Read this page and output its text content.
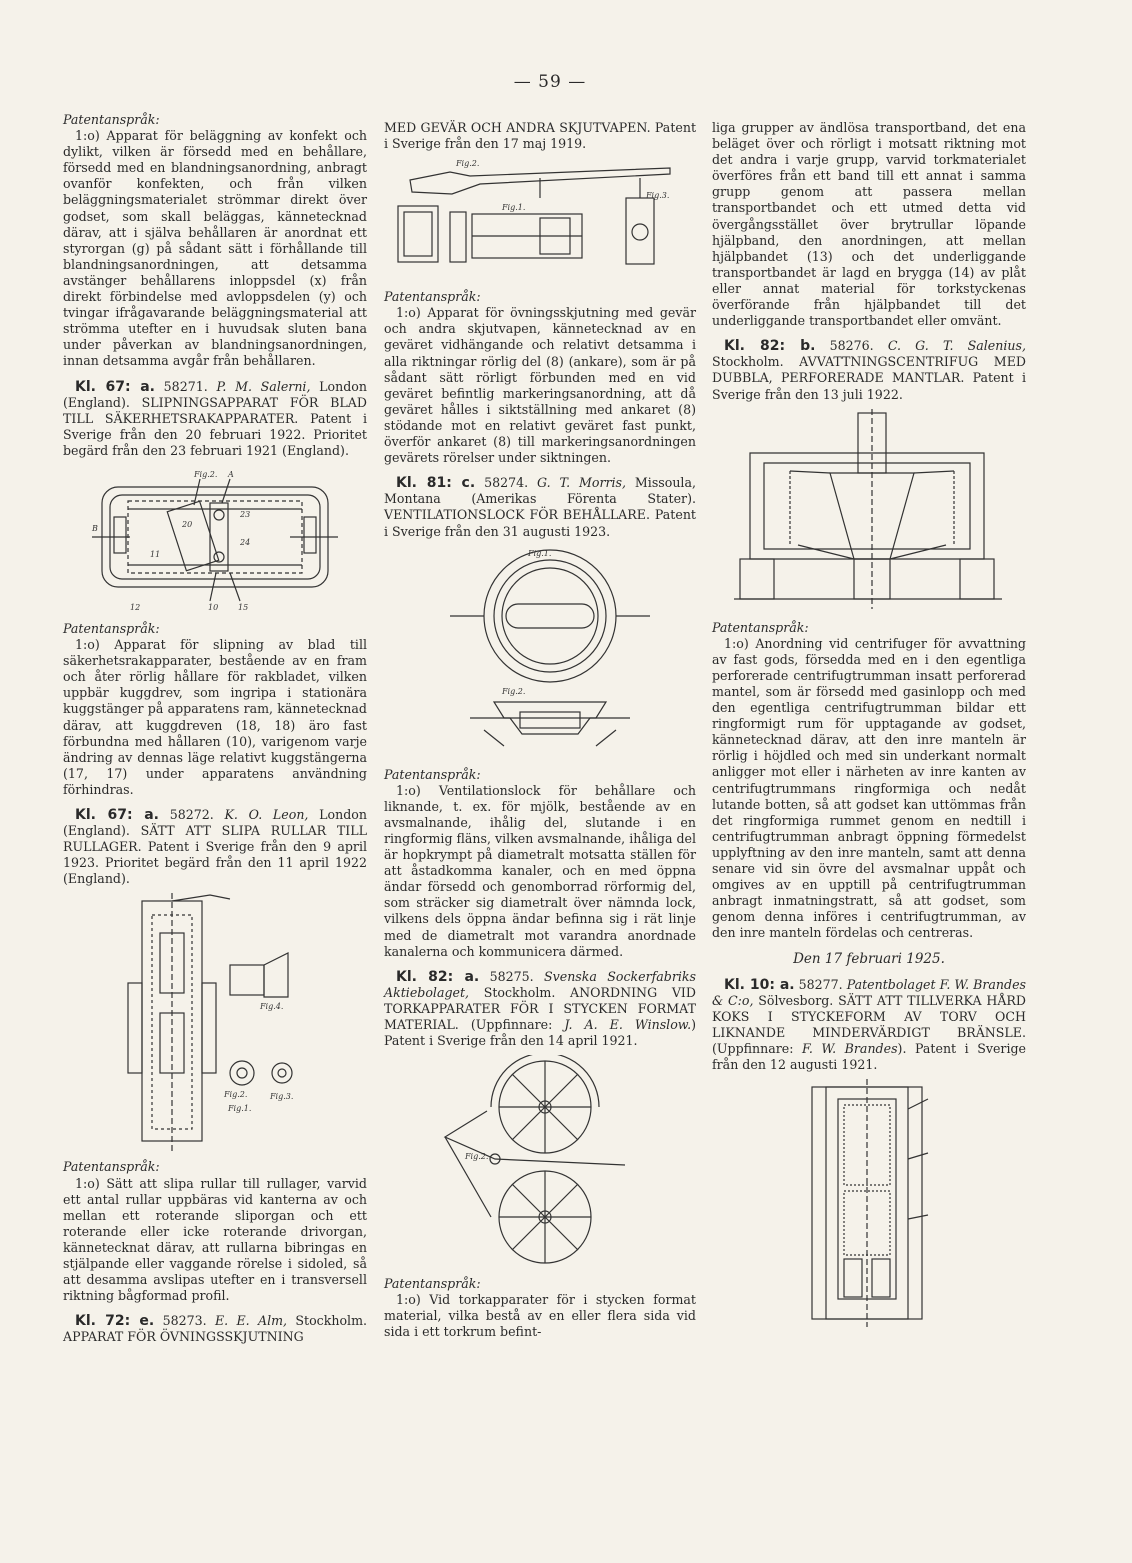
— 59 —

Patentanspråk:

1:o) Apparat för beläggning av konfekt och dylikt, vilken är försedd med en behållare, försedd med en blandningsanordning, anbragt ovanför konfekten, och från vilken beläggningsmaterialet strömmar direkt över godset, som skall beläggas, kännetecknad därav, att i själva behållaren är anordnat ett styrorgan (g) på sådant sätt i förhållande till blandningsanordningen, att detsamma avstänger behållarens inloppsdel (x) från direkt förbindelse med avloppsdelen (y) och tvingar ifrågavarande beläggningsmaterial att strömma utefter en i huvudsak sluten bana under påverkan av blandningsanordningen, innan detsamma avgår från behållaren.

Kl. 67: a. 58271. P. M. Salerni, London (England). SLIPNINGSAPPARAT FÖR BLAD TILL SÄKERHETSRAKAPPARATER. Patent i Sverige från den 20 februari 1922. Prioritet begärd från den 23 februari 1921 (England).

Fig.2. A
20
23
24
11
B
12	10 15

Patentanspråk:

1:o) Apparat för slipning av blad till säkerhetsrakapparater, bestående av en fram och åter rörlig hållare för rakbladet, vilken uppbär kuggdrev, som ingripa i stationära kuggstänger på apparatens ram, kännetecknad därav, att kuggdreven (18, 18) äro fast förbundna med hållaren (10), varigenom varje ändring av dennas läge relativt kuggstängerna (17, 17) under apparatens användning förhindras.

Kl. 67: a. 58272. K. O. Leon, London (England). SÄTT ATT SLIPA RULLAR TILL RULLAGER. Patent i Sverige från den 9 april 1923. Prioritet begärd från den 11 april 1922 (England).

Fig.1.
Fig.4.
Fig.2.	Fig.3.

Patentanspråk:

1:o) Sätt att slipa rullar till rullager, varvid ett antal rullar uppbäras vid kanterna av och mellan ett roterande sliporgan och ett roterande eller icke roterande drivorgan, kännetecknat därav, att rullarna bibringas en stjälpande eller vaggande rörelse i sidoled, så att desamma avslipas utefter en i transversell riktning bågformad profil.

Kl. 72: e. 58273. E. E. Alm, Stockholm. APPARAT FÖR ÖVNINGSSKJUTNING

MED GEVÄR OCH ANDRA SKJUTVAPEN. Patent i Sverige från den 17 maj 1919.

Fig.2.
Fig.1.
Fig.3.

Patentanspråk:

1:o) Apparat för övningsskjutning med gevär och andra skjutvapen, kännetecknad av en geväret vidhängande och relativt detsamma i alla riktningar rörlig del (8) (ankare), som är på sådant sätt rörligt förbunden med en vid geväret befintlig markeringsanordning, att då geväret hålles i siktställning med ankaret (8) stödande mot en relativt geväret fast punkt, överför ankaret (8) till markeringsanordningen gevärets rörelser under siktningen.

Kl. 81: c. 58274. G. T. Morris, Missoula, Montana (Amerikas Förenta Stater). VENTILATIONSLOCK FÖR BEHÅLLARE. Patent i Sverige från den 31 augusti 1923.

Fig.1.
Fig.2.

Patentanspråk:

1:o) Ventilationslock för behållare och liknande, t. ex. för mjölk, bestående av en avsmalnande, ihålig del, slutande i en ringformig fläns, vilken avsmalnande, ihåliga del är hopkrympt på diametralt motsatta ställen för att åstadkomma kanaler, och en med öppna ändar försedd och genomborrad rörformig del, som sträcker sig diametralt över nämnda lock, vilkens dels öppna ändar befinna sig i rät linje med de diametralt mot varandra anordnade kanalerna och kommunicera därmed.

Kl. 82: a. 58275. Svenska Sockerfabriks Aktiebolaget, Stockholm. ANORDNING VID TORKAPPARATER FÖR I STYCKEN FORMAT MATERIAL. (Uppfinnare: J. A. E. Winslow.) Patent i Sverige från den 14 april 1921.

Fig.2.

Patentanspråk:

1:o) Vid torkapparater för i stycken format material, vilka bestå av en eller flera sida vid sida i ett torkrum befint-

liga grupper av ändlösa transportband, det ena beläget över och rörligt i motsatt riktning mot det andra i varje grupp, varvid torkmaterialet överföres från ett band till ett annat i samma grupp genom att passera mellan transportbandet och ett utmed detta vid övergångsstället över brytrullar löpande hjälpband, den anordningen, att mellan hjälpbandet (13) och det underliggande transportbandet är lagd en brygga (14) av plåt eller annat material för torkstyckenas överförande från hjälpbandet till det underliggande transportbandet eller omvänt.

Kl. 82: b. 58276. C. G. T. Salenius, Stockholm. AVVATTNINGSCENTRIFUG MED DUBBLA, PERFORERADE MANTLAR. Patent i Sverige från den 13 juli 1922.

Patentanspråk:

1:o) Anordning vid centrifuger för avvattning av fast gods, försedda med en i den egentliga perforerade centrifugtrumman insatt perforerad mantel, som är försedd med gasinlopp och med den egentliga centrifugtrumman bildar ett ringformigt rum för upptagande av godset, kännetecknad därav, att den inre manteln är rörlig i höjdled och med sin underkant normalt anligger mot eller i närheten av inre kanten av centrifugtrummans ringformiga och nedåt lutande botten, så att godset kan uttömmas från det ringformiga rummet genom en nedtill i centrifugtrumman anbragt öppning förmedelst upplyftning av den inre manteln, samt att denna senare vid sin övre del avsmalnar uppåt och omgives av en upptill på centrifugtrumman anbragt inmatningstratt, så att godset, som genom denna införes i centrifugtrumman, av den inre manteln fördelas och centreras.

Den 17 februari 1925.

Kl. 10: a. 58277. Patentbolaget F. W. Brandes & C:o, Sölvesborg. SÄTT ATT TILLVERKA HÅRD KOKS I STYCKEFORM AV TORV OCH LIKNANDE MINDERVÄRDIGT BRÄNSLE. (Uppfinnare: F. W. Brandes). Patent i Sverige från den 12 augusti 1921.
